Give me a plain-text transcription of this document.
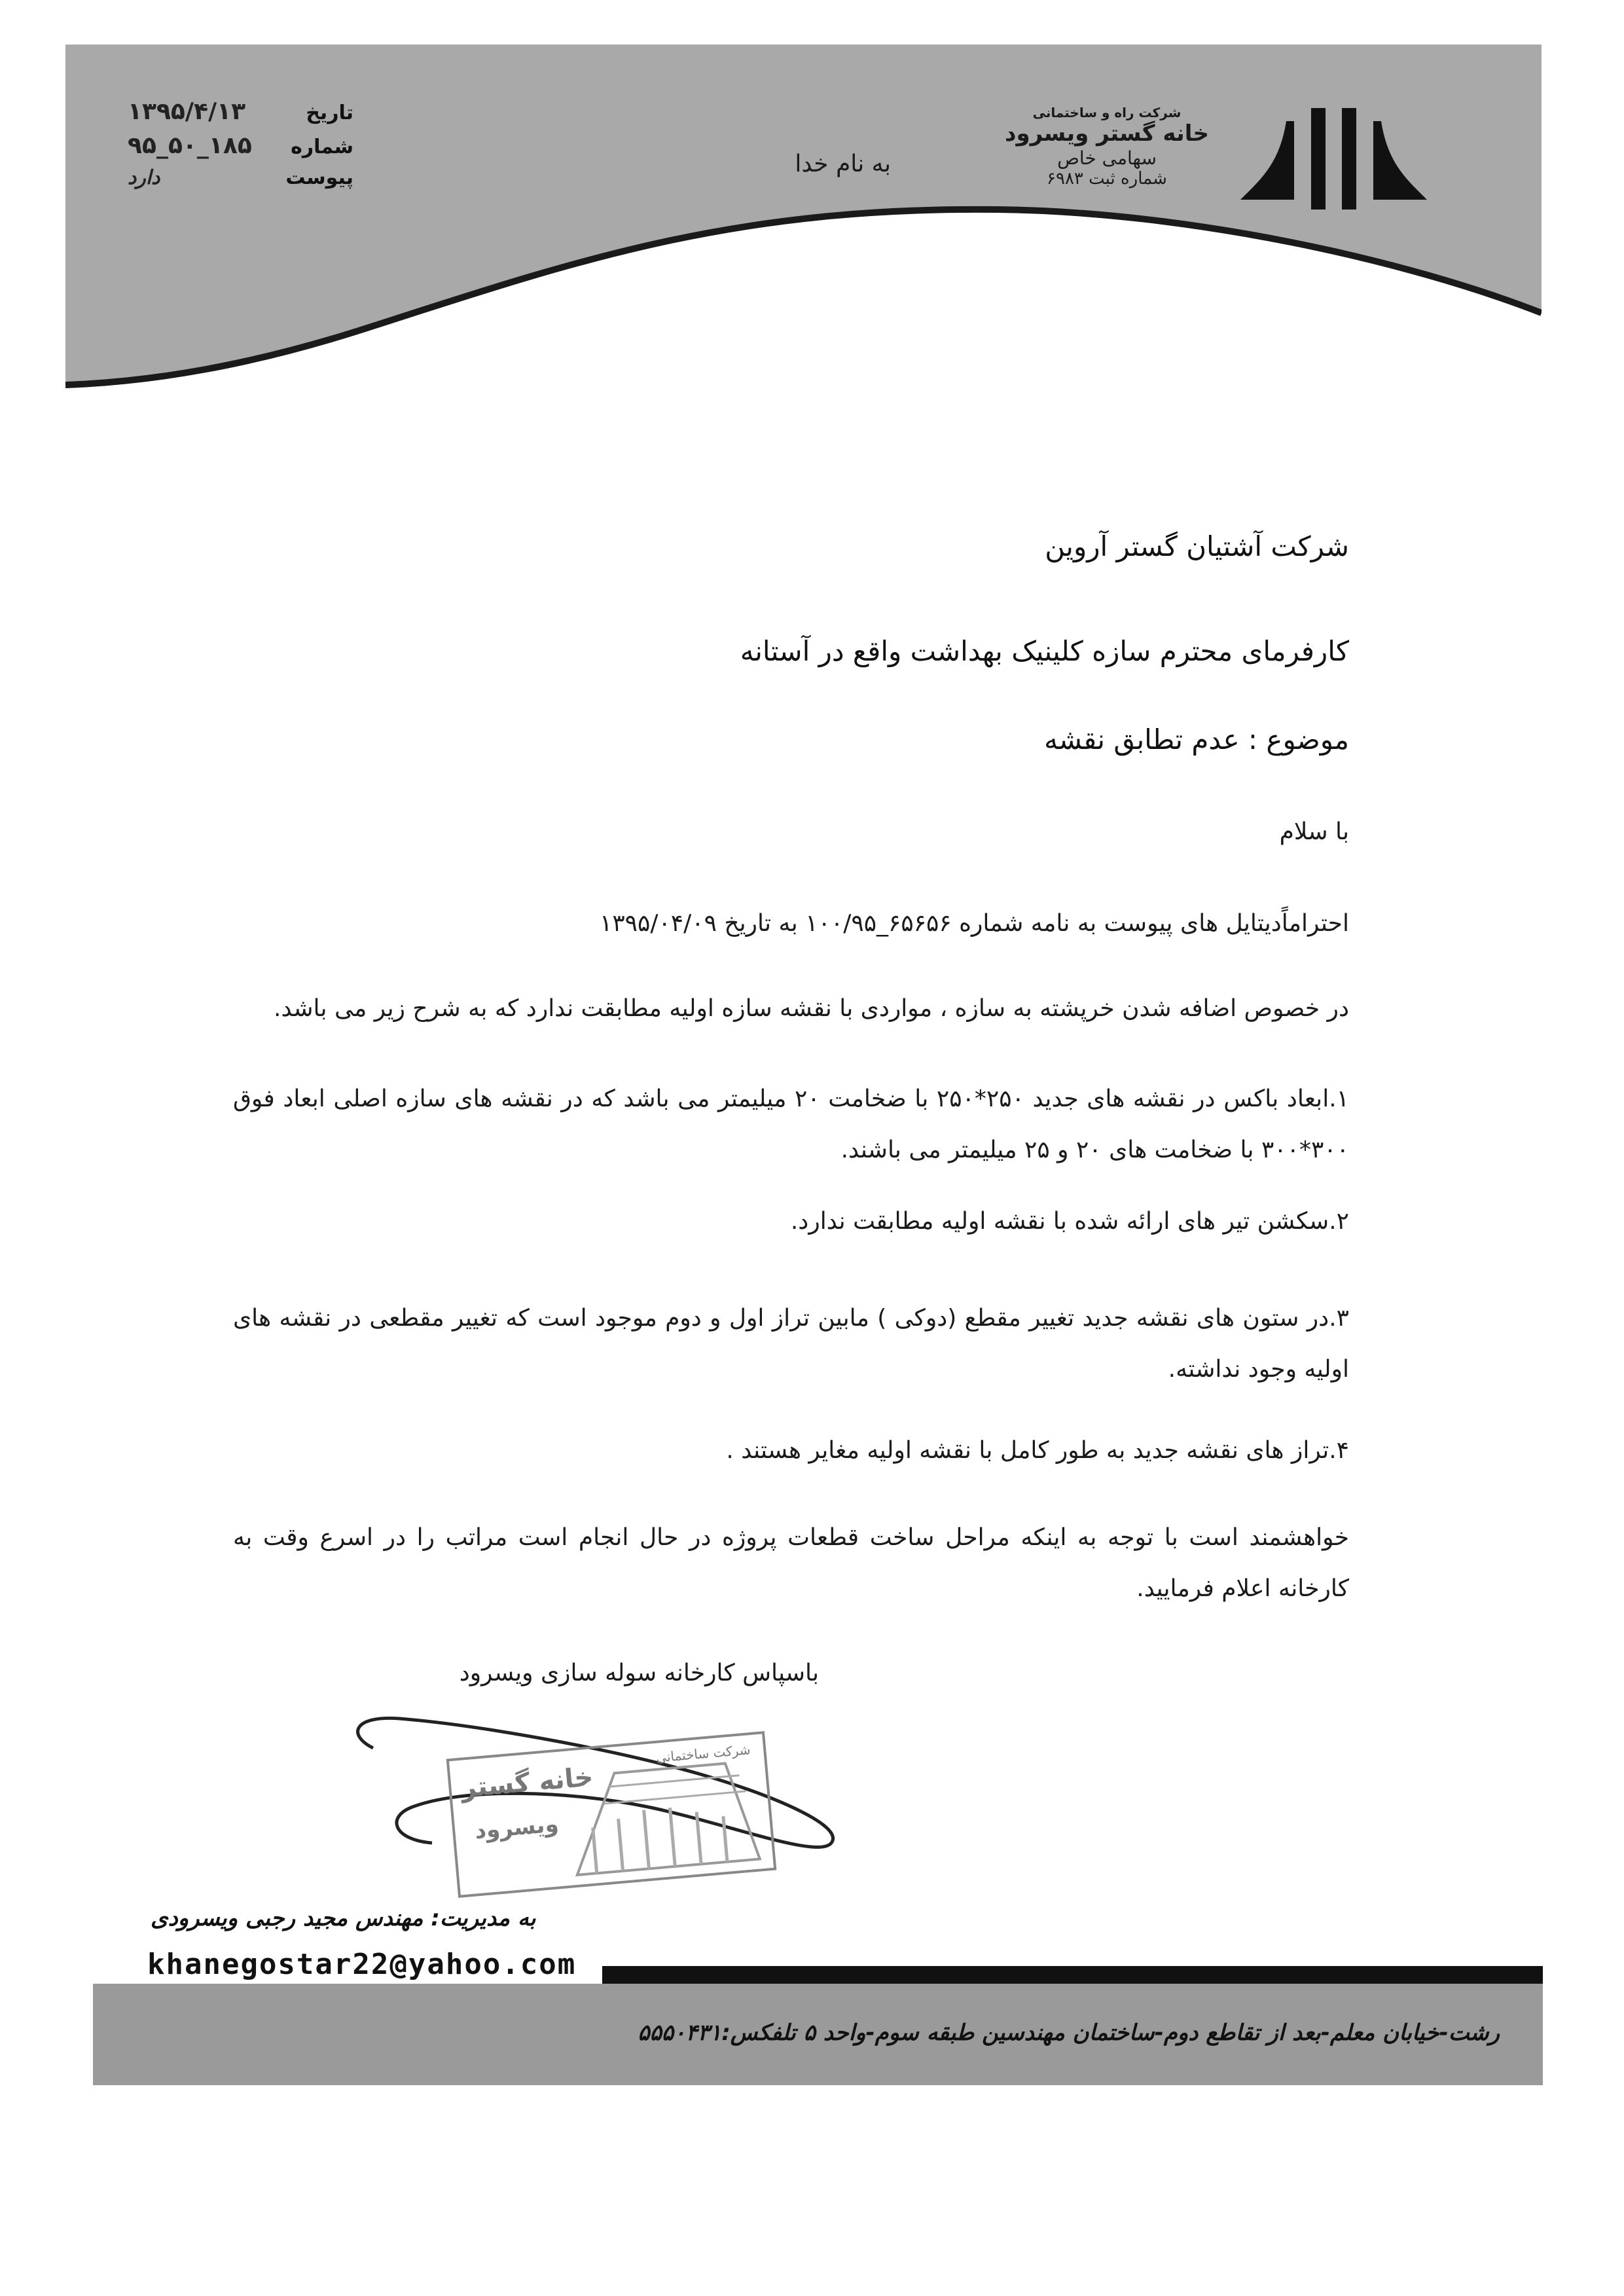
شرکت راه و ساختمانی
خانه گستر ویسرود
سهامی خاص
شماره ثبت ۶۹۸۳
به نام خدا
تاریخ
۱۳۹۵/۴/۱۳
شماره
۱۸۵_۵۰_۹۵
پیوست
دارد
شرکت آشتیان گستر آروین
کارفرمای محترم سازه کلینیک بهداشت واقع در آستانه
موضوع : عدم تطابق نقشه
با سلام
احتراماًدیتایل های پیوست به نامه شماره ۶۵۶۵۶_۱۰۰/۹۵ به تاریخ ۱۳۹۵/۰۴/۰۹
در خصوص اضافه شدن خرپشته به سازه ، مواردی با نقشه سازه اولیه مطابقت ندارد که به شرح زیر می باشد.
۱.ابعاد باکس در نقشه های جدید ۲۵۰*۲۵۰ با ضخامت ۲۰ میلیمتر می باشد که در نقشه های سازه اصلی ابعاد فوق ۳۰۰*۳۰۰ با ضخامت های ۲۰ و ۲۵ میلیمتر می باشند.
۲.سکشن تیر های ارائه شده با نقشه اولیه مطابقت ندارد.
۳.در ستون های نقشه جدید تغییر مقطع (دوکی ) مابین تراز اول و دوم موجود است که تغییر مقطعی در نقشه های اولیه وجود نداشته.
۴.تراز های نقشه جدید به طور کامل با نقشه اولیه مغایر هستند .
خواهشمند است با توجه به اینکه مراحل ساخت قطعات پروژه در حال انجام است مراتب را در اسرع وقت به کارخانه اعلام فرمایید.
باسپاس کارخانه سوله سازی ویسرود
شرکت ساختمانی
خانه گستر
ویسرود
به مدیریت: مهندس مجید رجبی ویسرودی
khanegostar22@yahoo.com
رشت-خیابان معلم-بعد از تقاطع دوم-ساختمان مهندسین طبقه سوم-واحد ۵ تلفکس:۵۵۵۰۴۳۱
